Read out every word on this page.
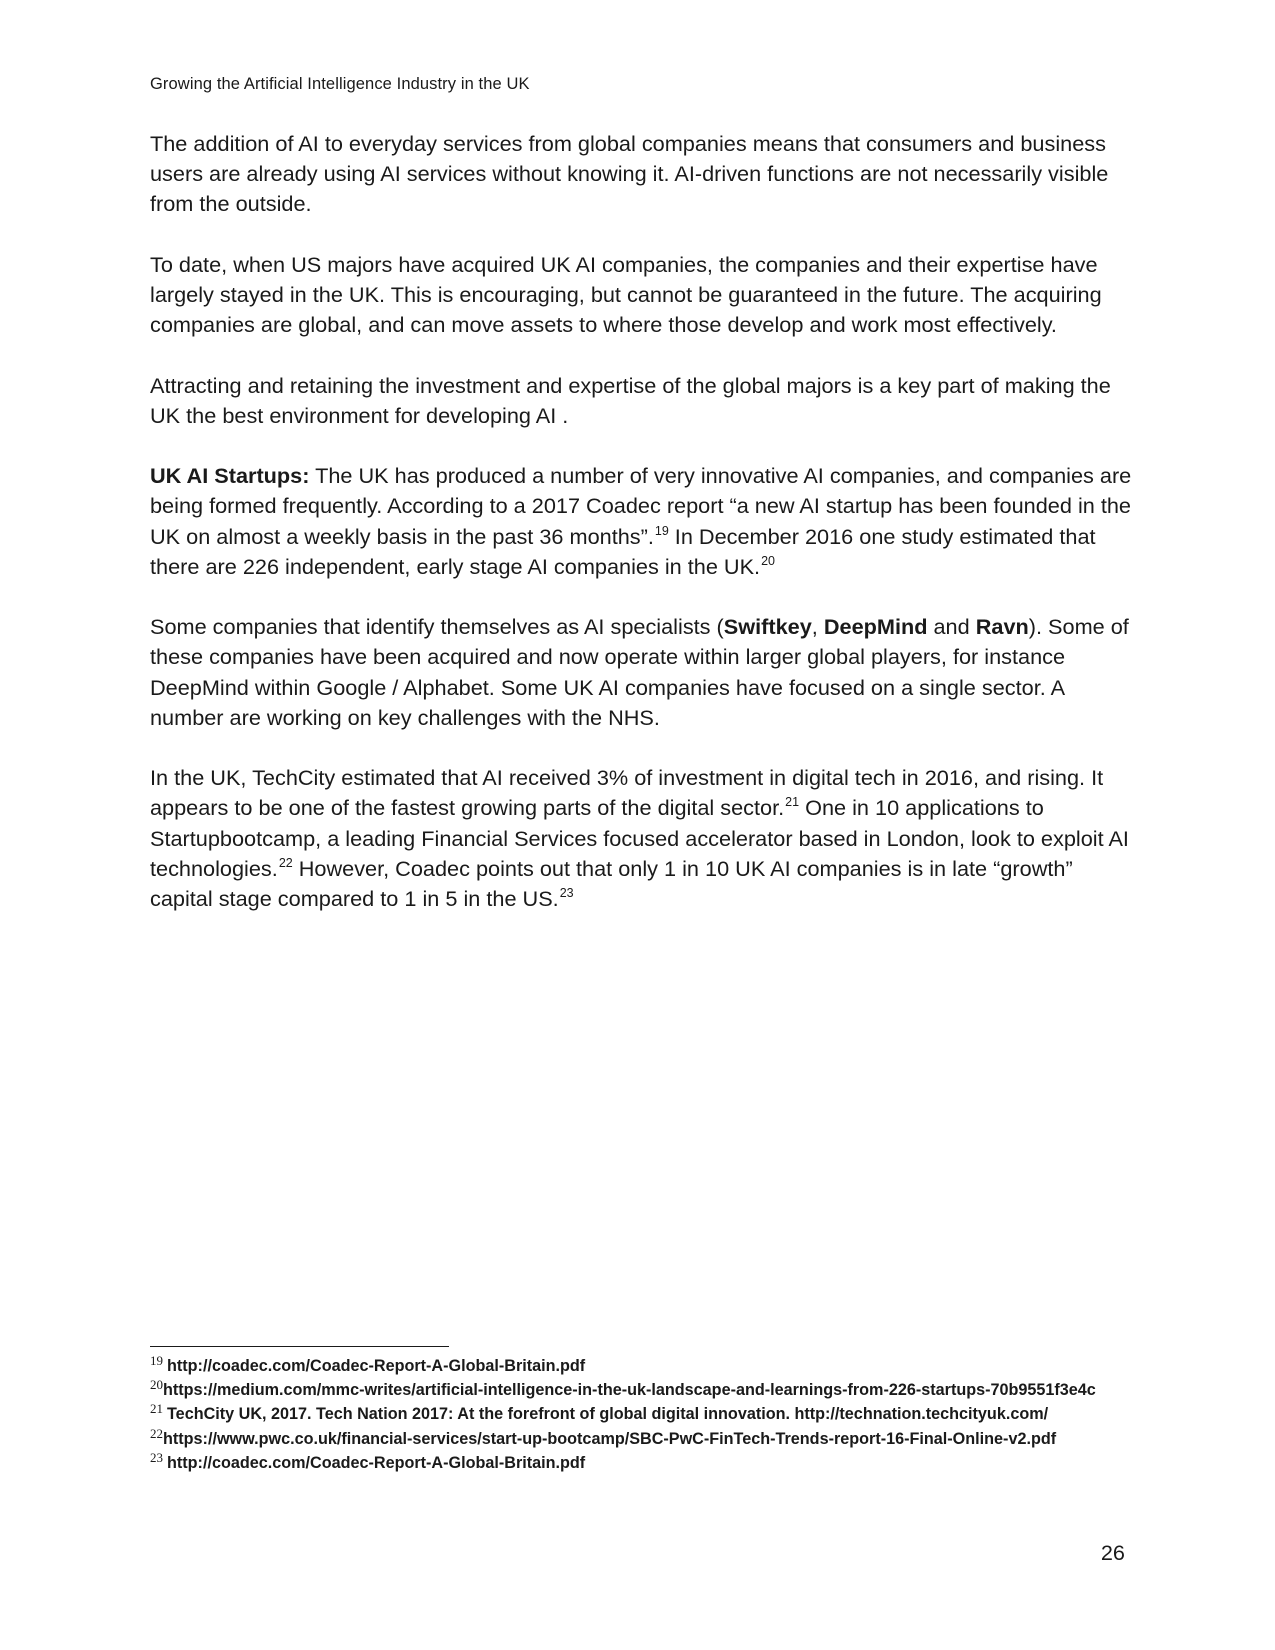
Growing the Artificial Intelligence Industry in the UK

The addition of AI to everyday services from global companies means that consumers and business users are already using AI services without knowing it. AI-driven functions are not necessarily visible from the outside.

To date, when US majors have acquired UK AI companies, the companies and their expertise have largely stayed in the UK. This is encouraging, but cannot be guaranteed in the future. The acquiring companies are global, and can move assets to where those develop and work most effectively.

Attracting and retaining the investment and expertise of the global majors is a key part of making the UK the best environment for developing AI .

UK AI Startups: The UK has produced a number of very innovative AI companies, and companies are being formed frequently. According to a 2017 Coadec report “a new AI startup has been founded in the UK on almost a weekly basis in the past 36 months”.$^{19}$ In December 2016 one study estimated that there are 226 independent, early stage AI companies in the UK.$^{20}$

Some companies that identify themselves as AI specialists (Swiftkey, DeepMind and Ravn). Some of these companies have been acquired and now operate within larger global players, for instance DeepMind within Google / Alphabet. Some UK AI companies have focused on a single sector. A number are working on key challenges with the NHS.

In the UK, TechCity estimated that AI received 3% of investment in digital tech in 2016, and rising. It appears to be one of the fastest growing parts of the digital sector.$^{21}$ One in 10 applications to Startupbootcamp, a leading Financial Services focused accelerator based in London, look to exploit AI technologies.$^{22}$ However, Coadec points out that only 1 in 10 UK AI companies is in late “growth” capital stage compared to 1 in 5 in the US.$^{23}$

$^{19}$ http://coadec.com/Coadec-Report-A-Global-Britain.pdf
$^{20}$https://medium.com/mmc-writes/artificial-intelligence-in-the-uk-landscape-and-learnings-from-226-startups-70b9551f3e4c
$^{21}$ TechCity UK, 2017. Tech Nation 2017: At the forefront of global digital innovation. http://technation.techcityuk.com/
$^{22}$https://www.pwc.co.uk/financial-services/start-up-bootcamp/SBC-PwC-FinTech-Trends-report-16-Final-Online-v2.pdf
$^{23}$ http://coadec.com/Coadec-Report-A-Global-Britain.pdf
26
